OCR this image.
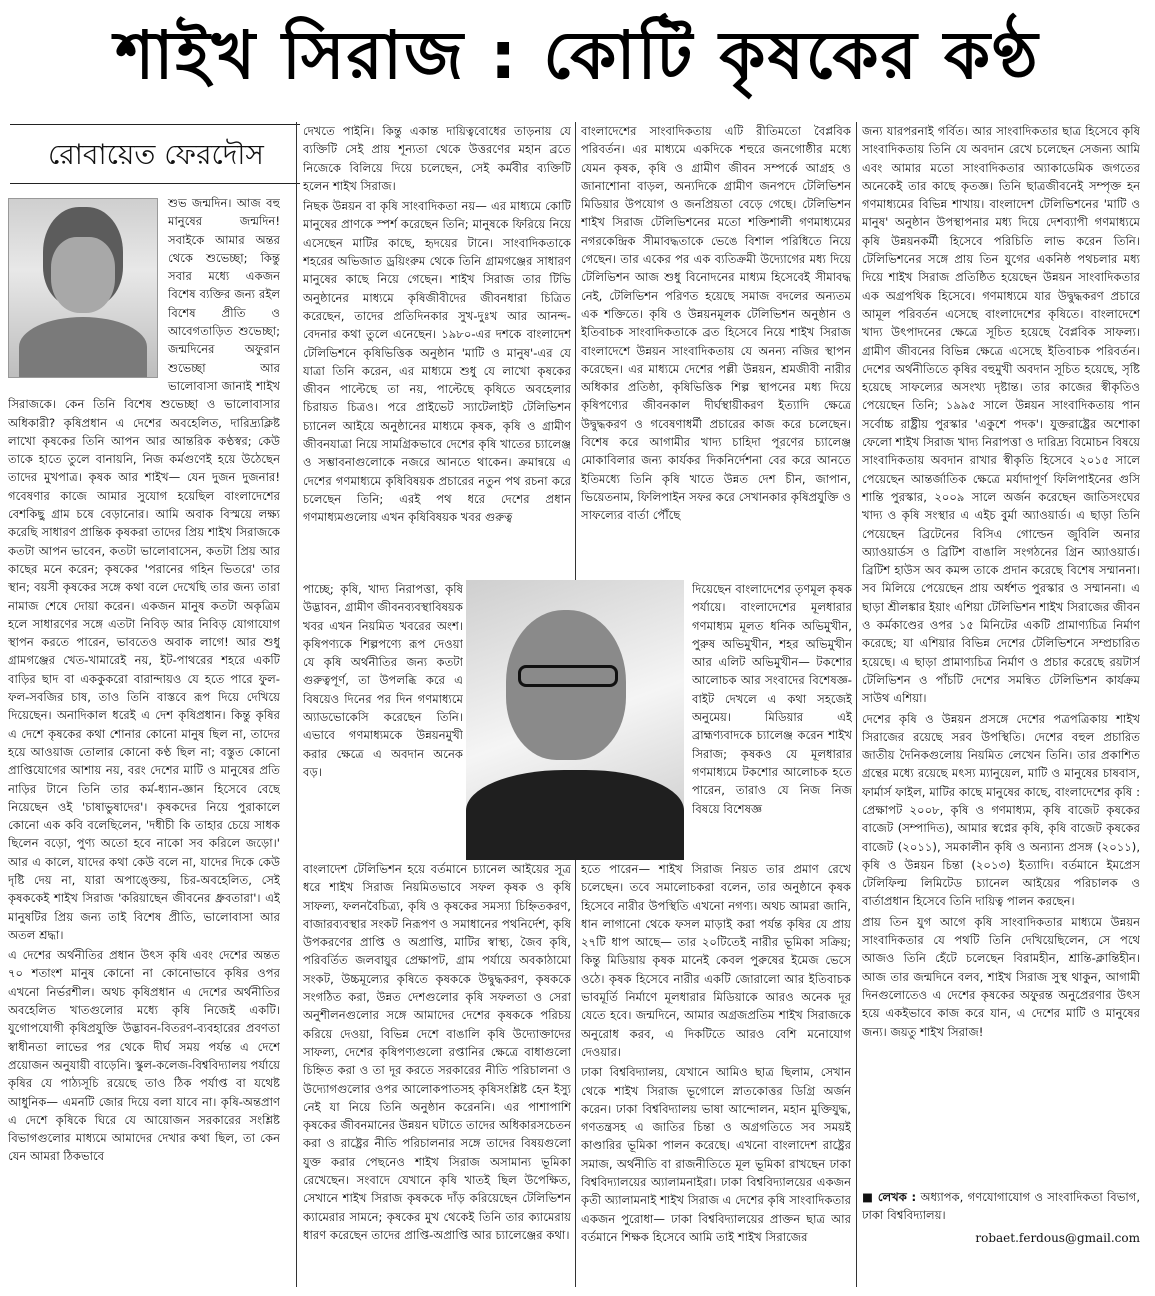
শাইখ সিরাজ : কোটি কৃষকের কণ্ঠ
রোবায়েত ফেরদৌস

শুভ জন্মদিন। আজ বহু মানুষের জন্মদিন! সবাইকে আমার অন্তর থেকে শুভেচ্ছা; কিন্তু সবার মধ্যে একজন বিশেষ ব্যক্তির জন্য রইল বিশেষ প্রীতি ও আবেগতাড়িত শুভেচ্ছা; জন্মদিনের অফুরান শুভেচ্ছা আর ভালোবাসা জানাই শাইখ সিরাজকে। কেন তিনি বিশেষ শুভেচ্ছা ও ভালোবাসার অধিকারী? কৃষিপ্রধান এ দেশের অবহেলিত, দারিদ্র্যক্লিষ্ট লাখো কৃষকের তিনি আপন আর আন্তরিক কণ্ঠস্বর; কেউ তাকে হাতে তুলে বানায়নি, নিজ কর্মগুণেই হয়ে উঠেছেন তাদের মুখপাত্র। কৃষক আর শাইখ— যেন দুজন দুজনার! গবেষণার কাজে আমার সুযোগ হয়েছিল বাংলাদেশের বেশকিছু গ্রাম চষে বেড়ানোর। আমি অবাক বিস্ময়ে লক্ষ্য করেছি সাধারণ প্রান্তিক কৃষকরা তাদের প্রিয় শাইখ সিরাজকে কতটা আপন ভাবেন, কতটা ভালোবাসেন, কতটা প্রিয় আর কাছের মনে করেন; কৃষকের 'পরানের গহিন ভিতরে' তার স্থান; বয়সী কৃষকের সঙ্গে কথা বলে দেখেছি তার জন্য তারা নামাজ শেষে দোয়া করেন। একজন মানুষ কতটা অকৃত্রিম হলে সাধারণের সঙ্গে এতটা নিবিড় আর নিবিড় যোগাযোগ স্থাপন করতে পারেন, ভাবতেও অবাক লাগে! আর শুধু গ্রামগঞ্জের খেত-খামারেই নয়, ইট-পাথরের শহরে একটি বাড়ির ছাদ বা এককুকরো বারান্দায়ও যে হতে পারে ফুল-ফল-সবজির চাষ, তাও তিনি বাস্তবে রূপ দিয়ে দেখিয়ে দিয়েছেন। অনাদিকাল ধরেই এ দেশ কৃষিপ্রধান। কিন্তু কৃষির এ দেশে কৃষকের কথা শোনার কোনো মানুষ ছিল না, তাদের হয়ে আওয়াজ তোলার কোনো কণ্ঠ ছিল না; বস্তুত কোনো প্রাপ্তিযোগের আশায় নয়, বরং দেশের মাটি ও মানুষের প্রতি নাড়ির টানে তিনি তার কর্ম-ধ্যান-জ্ঞান হিসেবে বেছে নিয়েছেন ওই 'চাষাভুষাদের'। কৃষকদের নিয়ে পুরাকালে কোনো এক কবি বলেছিলেন, 'দধীচী কি তাহার চেয়ে সাধক ছিলেন বড়ো, পুণ্য অতো হবে নাকো সব করিলে জড়ো।' আর এ কালে, যাদের কথা কেউ বলে না, যাদের দিকে কেউ দৃষ্টি দেয় না, যারা অপাঙ্ক্তেয়, চির-অবহেলিত, সেই কৃষককেই শাইখ সিরাজ 'করিয়াছেন জীবনের ধ্রুবতারা'। এই মানুষটির প্রিয় জন্য তাই বিশেষ প্রীতি, ভালোবাসা আর অতল শ্রদ্ধা।

এ দেশের অর্থনীতির প্রধান উৎস কৃষি এবং দেশের অন্তত ৭০ শতাংশ মানুষ কোনো না কোনোভাবে কৃষির ওপর এখনো নির্ভরশীল। অথচ কৃষিপ্রধান এ দেশের অর্থনীতির অবহেলিত খাতগুলোর মধ্যে কৃষি নিজেই একটি। যুগোপযোগী কৃষিপ্রযুক্তি উদ্ভাবন-বিতরণ-ব্যবহারের প্রবণতা স্বাধীনতা লাভের পর থেকে দীর্ঘ সময় পর্যন্ত এ দেশে প্রয়োজন অনুযায়ী বাড়েনি। স্কুল-কলেজ-বিশ্ববিদ্যালয় পর্যায়ে কৃষির যে পাঠ্যসূচি রয়েছে তাও ঠিক পর্যাপ্ত বা যথেষ্ট আধুনিক— এমনটি জোর দিয়ে বলা যাবে না। কৃষি-অন্তপ্রাণ এ দেশে কৃষিকে ঘিরে যে আয়োজন সরকারের সংশ্লিষ্ট বিভাগগুলোর মাধ্যমে আমাদের দেখার কথা ছিল, তা কেন যেন আমরা ঠিকভাবে

দেখতে পাইনি। কিন্তু একান্ত দায়িত্ববোধের তাড়নায় যে ব্যক্তিটি সেই প্রায় শূন্যতা থেকে উত্তরণের মহান ব্রতে নিজেকে বিলিয়ে দিয়ে চলেছেন, সেই কর্মবীর ব্যক্তিটি হলেন শাইখ সিরাজ।

নিছক উন্নয়ন বা কৃষি সাংবাদিকতা নয়— এর মাধ্যমে কোটি মানুষের প্রাণকে স্পর্শ করেছেন তিনি; মানুষকে ফিরিয়ে নিয়ে এসেছেন মাটির কাছে, হৃদয়ের টানে। সাংবাদিকতাকে শহরের অভিজাত ড্রয়িংরুম থেকে তিনি গ্রামগঞ্জের সাধারণ মানুষের কাছে নিয়ে গেছেন। শাইখ সিরাজ তার টিভি অনুষ্ঠানের মাধ্যমে কৃষিজীবীদের জীবনধারা চিত্রিত করেছেন, তাদের প্রতিদিনকার সুখ-দুঃখ আর আনন্দ-বেদনার কথা তুলে এনেছেন। ১৯৮০-এর দশকে বাংলাদেশ টেলিভিশনে কৃষিভিত্তিক অনুষ্ঠান 'মাটি ও মানুষ'-এর যে যাত্রা তিনি করেন, এর মাধ্যমে শুধু যে লাখো কৃষকের জীবন পাল্টেছে তা নয়, পাল্টেছে কৃষিতে অবহেলার চিরায়ত চিত্রও। পরে প্রাইভেট স্যাটেলাইট টেলিভিশন চ্যানেল আইয়ে অনুষ্ঠানের মাধ্যমে কৃষক, কৃষি ও গ্রামীণ জীবনযাত্রা নিয়ে সামগ্রিকভাবে দেশের কৃষি খাতের চ্যালেঞ্জ ও সম্ভাবনাগুলোকে নজরে আনতে থাকেন। ক্রমান্বয়ে এ দেশের গণমাধ্যমে কৃষিবিষয়ক প্রচারের নতুন পথ রচনা করে চলেছেন তিনি; এরই পথ ধরে দেশের প্রধান গণমাধ্যমগুলোয় এখন কৃষিবিষয়ক খবর গুরুত্ব

বাংলাদেশ টেলিভিশন হয়ে বর্তমানে চ্যানেল আইয়ের সূত্র ধরে শাইখ সিরাজ নিয়মিতভাবে সফল কৃষক ও কৃষি সাফল্য, ফলনবৈচিত্র্য, কৃষি ও কৃষকের সমস্যা চিহ্নিতকরণ, বাজারব্যবস্থার সংকট নিরূপণ ও সমাধানের পথনির্দেশ, কৃষি উপকরণের প্রাপ্তি ও অপ্রাপ্তি, মাটির স্বাস্থ্য, জৈব কৃষি, পরিবর্তিত জলবায়ুর প্রেক্ষাপট, গ্রাম পর্যায়ে অবকাঠামো সংকট, উচ্চমূল্যের কৃষিতে কৃষককে উদ্বুদ্ধকরণ, কৃষককে সংগঠিত করা, উন্নত দেশগুলোর কৃষি সফলতা ও সেরা অনুশীলনগুলোর সঙ্গে আমাদের দেশের কৃষককে পরিচয় করিয়ে দেওয়া, বিভিন্ন দেশে বাঙালি কৃষি উদ্যোক্তাদের সাফল্য, দেশের কৃষিপণ্যগুলো রপ্তানির ক্ষেত্রে বাধাগুলো চিহ্নিত করা ও তা দূর করতে সরকারের নীতি পরিচালনা ও উদ্যোগগুলোর ওপর আলোকপাতসহ কৃষিসংশ্লিষ্ট হেন ইস্যু নেই যা নিয়ে তিনি অনুষ্ঠান করেননি। এর পাশাপাশি কৃষকের জীবনমানের উন্নয়ন ঘটাতে তাদের অধিকারসচেতন করা ও রাষ্ট্রের নীতি পরিচালনার সঙ্গে তাদের বিষয়গুলো যুক্ত করার পেছনেও শাইখ সিরাজ অসামান্য ভূমিকা রেখেছেন। সংবাদে যেখানে কৃষি খাতই ছিল উপেক্ষিত, সেখানে শাইখ সিরাজ কৃষককে দাঁড় করিয়েছেন টেলিভিশন ক্যামেরার সামনে; কৃষকের মুখ থেকেই তিনি তার ক্যামেরায় ধারণ করেছেন তাদের প্রাপ্তি-অপ্রাপ্তি আর চ্যালেঞ্জের কথা।

পাচ্ছে; কৃষি, খাদ্য নিরাপত্তা, কৃষি উদ্ভাবন, গ্রামীণ জীবনব্যবস্থাবিষয়ক খবর এখন নিয়মিত খবরের অংশ। কৃষিপণ্যকে শিল্পপণ্যে রূপ দেওয়া যে কৃষি অর্থনীতির জন্য কতটা গুরুত্বপূর্ণ, তা উপলব্ধি করে এ বিষয়েও দিনের পর দিন গণমাধ্যমে অ্যাডভোকেসি করেছেন তিনি। এভাবে গণমাধ্যমকে উন্নয়নমুখী করার ক্ষেত্রে এ অবদান অনেক বড়।

বাংলাদেশের সাংবাদিকতায় এটি রীতিমতো বৈপ্লবিক পরিবর্তন। এর মাধ্যমে একদিকে শহুরে জনগোষ্ঠীর মধ্যে যেমন কৃষক, কৃষি ও গ্রামীণ জীবন সম্পর্কে আগ্রহ ও জানাশোনা বাড়ল, অন্যদিকে গ্রামীণ জনপদে টেলিভিশন মিডিয়ার উপযোগ ও জনপ্রিয়তা বেড়ে গেছে। টেলিভিশন শাইখ সিরাজ টেলিভিশনের মতো শক্তিশালী গণমাধ্যমের নগরকেন্দ্রিক সীমাবদ্ধতাকে ভেঙে বিশাল পরিধিতে নিয়ে গেছেন। তার একের পর এক ব্যতিক্রমী উদ্যোগের মধ্য দিয়ে টেলিভিশন আজ শুধু বিনোদনের মাধ্যম হিসেবেই সীমাবদ্ধ নেই, টেলিভিশন পরিণত হয়েছে সমাজ বদলের অন্যতম এক শক্তিতে। কৃষি ও উন্নয়নমূলক টেলিভিশন অনুষ্ঠান ও ইতিবাচক সাংবাদিকতাকে ব্রত হিসেবে নিয়ে শাইখ সিরাজ বাংলাদেশে উন্নয়ন সাংবাদিকতায় যে অনন্য নজির স্থাপন করেছেন। এর মাধ্যমে দেশের পল্লী উন্নয়ন, শ্রমজীবী নারীর অধিকার প্রতিষ্ঠা, কৃষিভিত্তিক শিল্প স্থাপনের মধ্য দিয়ে কৃষিপণ্যের জীবনকাল দীর্ঘস্থায়ীকরণ ইত্যাদি ক্ষেত্রে উদ্বুদ্ধকরণ ও গবেষণাধর্মী প্রচারের কাজ করে চলেছেন। বিশেষ করে আগামীর খাদ্য চাহিদা পূরণের চ্যালেঞ্জ মোকাবিলার জন্য কার্যকর দিকনির্দেশনা বের করে আনতে ইতিমধ্যে তিনি কৃষি খাতে উন্নত দেশ চীন, জাপান, ভিয়েতনাম, ফিলিপাইন সফর করে সেখানকার কৃষিপ্রযুক্তি ও সাফল্যের বার্তা পৌঁছে

হতে পারেন— শাইখ সিরাজ নিয়ত তার প্রমাণ রেখে চলেছেন। তবে সমালোচকরা বলেন, তার অনুষ্ঠানে কৃষক হিসেবে নারীর উপস্থিতি এখনো নগণ্য। অথচ আমরা জানি, ধান লাগানো থেকে ফসল মাড়াই করা পর্যন্ত কৃষির যে প্রায় ২৭টি ধাপ আছে— তার ২০টিতেই নারীর ভূমিকা সক্রিয়; কিন্তু মিডিয়ায় কৃষক মানেই কেবল পুরুষের ইমেজ ভেসে ওঠে। কৃষক হিসেবে নারীর একটি জোরালো আর ইতিবাচক ভাবমূর্তি নির্মাণে মূলধারার মিডিয়াকে আরও অনেক দূর যেতে হবে। জন্মদিনে, আমার অগ্রজপ্রতিম শাইখ সিরাজকে অনুরোধ করব, এ দিকটিতে আরও বেশি মনোযোগ দেওয়ার।

ঢাকা বিশ্ববিদ্যালয়, যেখানে আমিও ছাত্র ছিলাম, সেখান থেকে শাইখ সিরাজ ভূগোলে স্নাতকোত্তর ডিগ্রি অর্জন করেন। ঢাকা বিশ্ববিদ্যালয় ভাষা আন্দোলন, মহান মুক্তিযুদ্ধ, গণতন্ত্রসহ এ জাতির চিন্তা ও অগ্রগতিতে সব সময়ই কাণ্ডারির ভূমিকা পালন করেছে। এখনো বাংলাদেশ রাষ্ট্রের সমাজ, অর্থনীতি বা রাজনীতিতে মূল ভূমিকা রাখছেন ঢাকা বিশ্ববিদ্যালয়ের অ্যালামনাইরা। ঢাকা বিশ্ববিদ্যালয়ের একজন কৃতী অ্যালামনাই শাইখ সিরাজ এ দেশের কৃষি সাংবাদিকতার একজন পুরোধা— ঢাকা বিশ্ববিদ্যালয়ের প্রাক্তন ছাত্র আর বর্তমানে শিক্ষক হিসেবে আমি তাই শাইখ সিরাজের

দিয়েছেন বাংলাদেশের তৃণমূল কৃষক পর্যায়ে। বাংলাদেশের মূলধারার গণমাধ্যম মূলত ধনিক অভিমুখীন, পুরুষ অভিমুখীন, শহর অভিমুখীন আর এলিট অভিমুখীন— টকশোর আলোচক আর সংবাদের বিশেষজ্ঞ-বাইট দেখলে এ কথা সহজেই অনুমেয়। মিডিয়ার এই ব্রাহ্মণ্যবাদকে চ্যালেঞ্জ করেন শাইখ সিরাজ; কৃষকও যে মূলধারার গণমাধ্যমে টকশোর আলোচক হতে পারেন, তারাও যে নিজ নিজ বিষয়ে বিশেষজ্ঞ

জন্য যারপরনাই গর্বিত। আর সাংবাদিকতার ছাত্র হিসেবে কৃষি সাংবাদিকতায় তিনি যে অবদান রেখে চলেছেন সেজন্য আমি এবং আমার মতো সাংবাদিকতার অ্যাকাডেমিক জগতের অনেকেই তার কাছে কৃতজ্ঞ। তিনি ছাত্রজীবনেই সম্পৃক্ত হন গণমাধ্যমের বিভিন্ন শাখায়। বাংলাদেশ টেলিভিশনের 'মাটি ও মানুষ' অনুষ্ঠান উপস্থাপনার মধ্য দিয়ে দেশব্যাপী গণমাধ্যমে কৃষি উন্নয়নকর্মী হিসেবে পরিচিতি লাভ করেন তিনি। টেলিভিশনের সঙ্গে প্রায় তিন যুগের একনিষ্ঠ পথচলার মধ্য দিয়ে শাইখ সিরাজ প্রতিষ্ঠিত হয়েছেন উন্নয়ন সাংবাদিকতার এক অগ্রপথিক হিসেবে। গণমাধ্যমে যার উদ্বুদ্ধকরণ প্রচারে আমূল পরিবর্তন এসেছে বাংলাদেশের কৃষিতে। বাংলাদেশে খাদ্য উৎপাদনের ক্ষেত্রে সূচিত হয়েছে বৈপ্লবিক সাফল্য। গ্রামীণ জীবনের বিভিন্ন ক্ষেত্রে এসেছে ইতিবাচক পরিবর্তন। দেশের অর্থনীতিতে কৃষির বহুমুখী অবদান সূচিত হয়েছে, সৃষ্টি হয়েছে সাফল্যের অসংখ্য দৃষ্টান্ত। তার কাজের স্বীকৃতিও পেয়েছেন তিনি; ১৯৯৫ সালে উন্নয়ন সাংবাদিকতায় পান সর্বোচ্চ রাষ্ট্রীয় পুরস্কার 'একুশে পদক'। যুক্তরাষ্ট্রের অশোকা ফেলো শাইখ সিরাজ খাদ্য নিরাপত্তা ও দারিদ্র্য বিমোচন বিষয়ে সাংবাদিকতায় অবদান রাখার স্বীকৃতি হিসেবে ২০১৫ সালে পেয়েছেন আন্তর্জাতিক ক্ষেত্রে মর্যাদাপূর্ণ ফিলিপাইনের গুসি শান্তি পুরস্কার, ২০০৯ সালে অর্জন করেছেন জাতিসংঘের খাদ্য ও কৃষি সংস্থার এ এইচ বুর্মা অ্যাওয়ার্ড। এ ছাড়া তিনি পেয়েছেন ব্রিটেনের বিসিএ গোল্ডেন জুবিলি অনার অ্যাওয়ার্ডস ও ব্রিটিশ বাঙালি সংগঠনের গ্রিন অ্যাওয়ার্ড। ব্রিটিশ হাউস অব কমন্স তাকে প্রদান করেছে বিশেষ সম্মাননা। সব মিলিয়ে পেয়েছেন প্রায় অর্ধশত পুরস্কার ও সম্মাননা। এ ছাড়া শ্রীলঙ্কার ইয়াং এশিয়া টেলিভিশন শাইখ সিরাজের জীবন ও কর্মকাণ্ডের ওপর ১৫ মিনিটের একটি প্রামাণ্যচিত্র নির্মাণ করেছে; যা এশিয়ার বিভিন্ন দেশের টেলিভিশনে সম্প্রচারিত হয়েছে। এ ছাড়া প্রামাণ্যচিত্র নির্মাণ ও প্রচার করেছে রয়টার্স টেলিভিশন ও পাঁচটি দেশের সমন্বিত টেলিভিশন কার্যক্রম সাউথ এশিয়া।

দেশের কৃষি ও উন্নয়ন প্রসঙ্গে দেশের পত্রপত্রিকায় শাইখ সিরাজের রয়েছে সরব উপস্থিতি। দেশের বহুল প্রচারিত জাতীয় দৈনিকগুলোয় নিয়মিত লেখেন তিনি। তার প্রকাশিত গ্রন্থের মধ্যে রয়েছে মৎস্য ম্যানুয়েল, মাটি ও মানুষের চাষবাস, ফার্মার্স ফাইল, মাটির কাছে মানুষের কাছে, বাংলাদেশের কৃষি : প্রেক্ষাপট ২০০৮, কৃষি ও গণমাধ্যম, কৃষি বাজেট কৃষকের বাজেট (সম্পাদিত), আমার স্বপ্নের কৃষি, কৃষি বাজেট কৃষকের বাজেট (২০১১), সমকালীন কৃষি ও অন্যান্য প্রসঙ্গ (২০১১), কৃষি ও উন্নয়ন চিন্তা (২০১৩) ইত্যাদি। বর্তমানে ইমপ্রেস টেলিফিল্ম লিমিটেড চ্যানেল আইয়ের পরিচালক ও বার্তাপ্রধান হিসেবে তিনি দায়িত্ব পালন করছেন।

প্রায় তিন যুগ আগে কৃষি সাংবাদিকতার মাধ্যমে উন্নয়ন সাংবাদিকতার যে পথটি তিনি দেখিয়েছিলেন, সে পথে আজও তিনি হেঁটে চলেছেন বিরামহীন, শ্রান্তি-ক্লান্তিহীন। আজ তার জন্মদিনে বলব, শাইখ সিরাজ সুস্থ থাকুন, আগামী দিনগুলোতেও এ দেশের কৃষকের অফুরন্ত অনুপ্রেরণার উৎস হয়ে একইভাবে কাজ করে যান, এ দেশের মাটি ও মানুষের জন্য। জয়তু শাইখ সিরাজ!

■ লেখক : অধ্যাপক, গণযোগাযোগ ও সাংবাদিকতা বিভাগ, ঢাকা বিশ্ববিদ্যালয়।
robaet.ferdous@gmail.com
